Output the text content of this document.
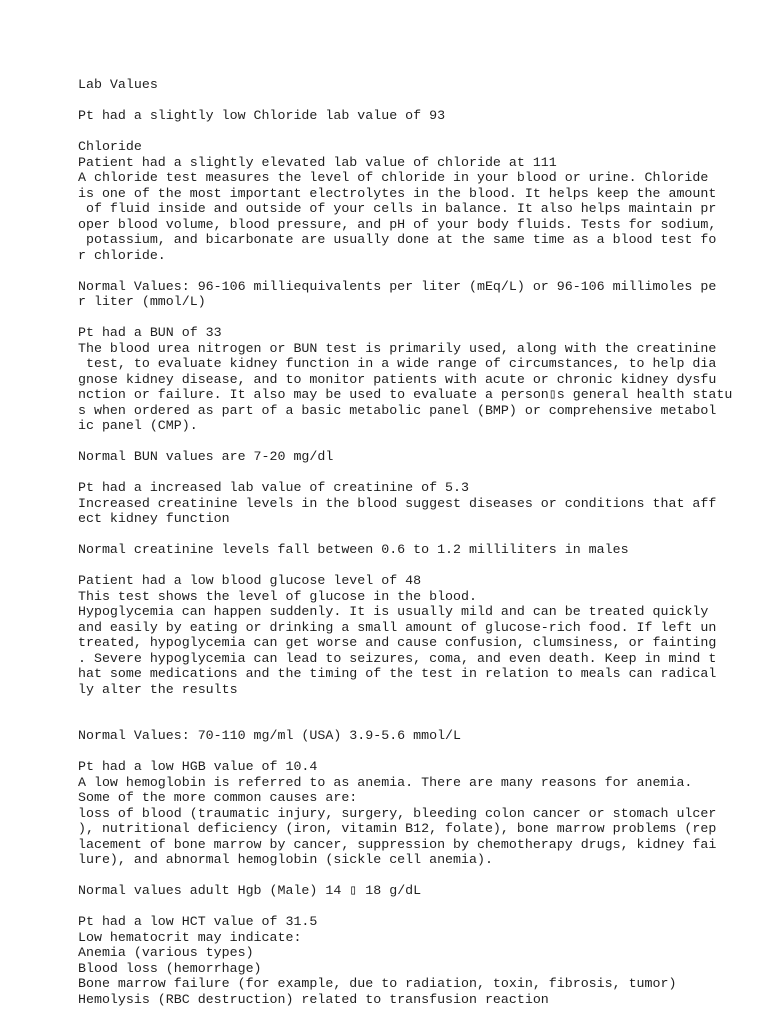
Lab Values
Pt had a slightly low Chloride lab value of 93
Chloride
Patient had a slightly elevated lab value of chloride at 111
A chloride test measures the level of chloride in your blood or urine. Chloride
is one of the most important electrolytes in the blood. It helps keep the amount
of fluid inside and outside of your cells in balance. It also helps maintain pr
oper blood volume, blood pressure, and pH of your body fluids. Tests for sodium,
potassium, and bicarbonate are usually done at the same time as a blood test fo
r chloride.
Normal Values: 96-106 milliequivalents per liter (mEq/L) or 96-106 millimoles pe
r liter (mmol/L)
Pt had a BUN of 33
The blood urea nitrogen or BUN test is primarily used, along with the creatinine
test, to evaluate kidney function in a wide range of circumstances, to help dia
gnose kidney disease, and to monitor patients with acute or chronic kidney dysfu
nction or failure. It also may be used to evaluate a person▯s general health statu
s when ordered as part of a basic metabolic panel (BMP) or comprehensive metabol
ic panel (CMP).
Normal BUN values are 7-20 mg/dl
Pt had a increased lab value of creatinine of 5.3
Increased creatinine levels in the blood suggest diseases or conditions that aff
ect kidney function
Normal creatinine levels fall between 0.6 to 1.2 milliliters in males
Patient had a low blood glucose level of 48
This test shows the level of glucose in the blood.
Hypoglycemia can happen suddenly. It is usually mild and can be treated quickly
and easily by eating or drinking a small amount of glucose-rich food. If left un
treated, hypoglycemia can get worse and cause confusion, clumsiness, or fainting
. Severe hypoglycemia can lead to seizures, coma, and even death. Keep in mind t
hat some medications and the timing of the test in relation to meals can radical
ly alter the results
Normal Values: 70-110 mg/ml (USA) 3.9-5.6 mmol/L
Pt had a low HGB value of 10.4
A low hemoglobin is referred to as anemia. There are many reasons for anemia.
Some of the more common causes are:
loss of blood (traumatic injury, surgery, bleeding colon cancer or stomach ulcer
), nutritional deficiency (iron, vitamin B12, folate), bone marrow problems (rep
lacement of bone marrow by cancer, suppression by chemotherapy drugs, kidney fai
lure), and abnormal hemoglobin (sickle cell anemia).
Normal values adult Hgb (Male) 14 ▯ 18 g/dL
Pt had a low HCT value of 31.5
Low hematocrit may indicate:
Anemia (various types)
Blood loss (hemorrhage)
Bone marrow failure (for example, due to radiation, toxin, fibrosis, tumor)
Hemolysis (RBC destruction) related to transfusion reaction
